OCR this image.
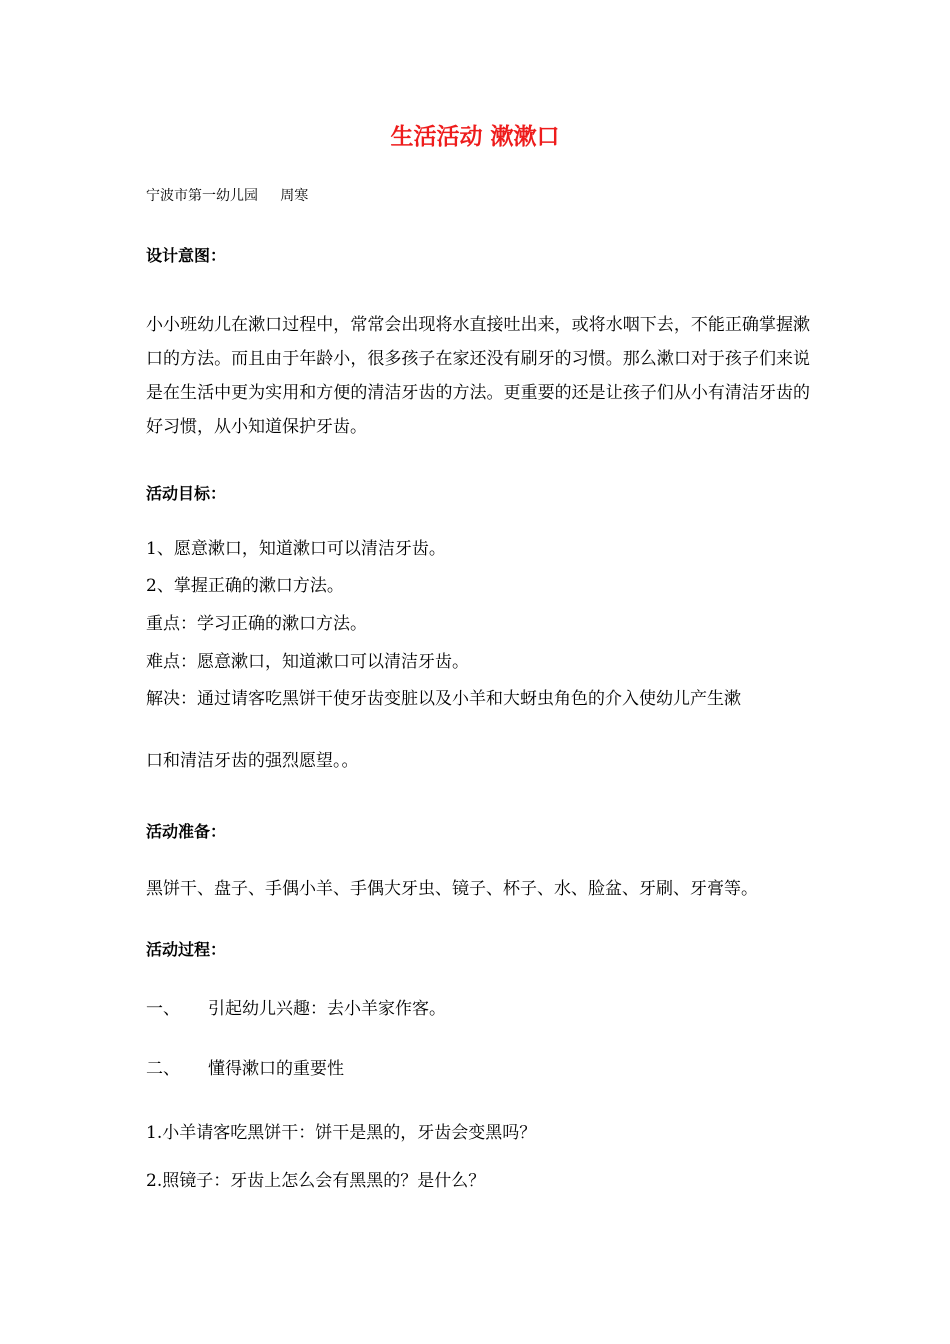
生活活动 漱漱口
宁波市第一幼儿园     周寒
设计意图：

小小班幼儿在漱口过程中，常常会出现将水直接吐出来，或将水咽下去，不能正确掌握漱口的方法。而且由于年龄小，很多孩子在家还没有刷牙的习惯。那么漱口对于孩子们来说是在生活中更为实用和方便的清洁牙齿的方法。更重要的还是让孩子们从小有清洁牙齿的好习惯，从小知道保护牙齿。

活动目标：

1、愿意漱口，知道漱口可以清洁牙齿。

2、掌握正确的漱口方法。

重点：学习正确的漱口方法。

难点：愿意漱口，知道漱口可以清洁牙齿。

解决：通过请客吃黑饼干使牙齿变脏以及小羊和大蚜虫角色的介入使幼儿产生漱

口和清洁牙齿的强烈愿望。。

活动准备：

黑饼干、盘子、手偶小羊、手偶大牙虫、镜子、杯子、水、脸盆、牙刷、牙膏等。

活动过程：

一、 引起幼儿兴趣：去小羊家作客。

二、 懂得漱口的重要性

1.小羊请客吃黑饼干：饼干是黑的，牙齿会变黑吗？

2.照镜子：牙齿上怎么会有黑黑的？是什么？
